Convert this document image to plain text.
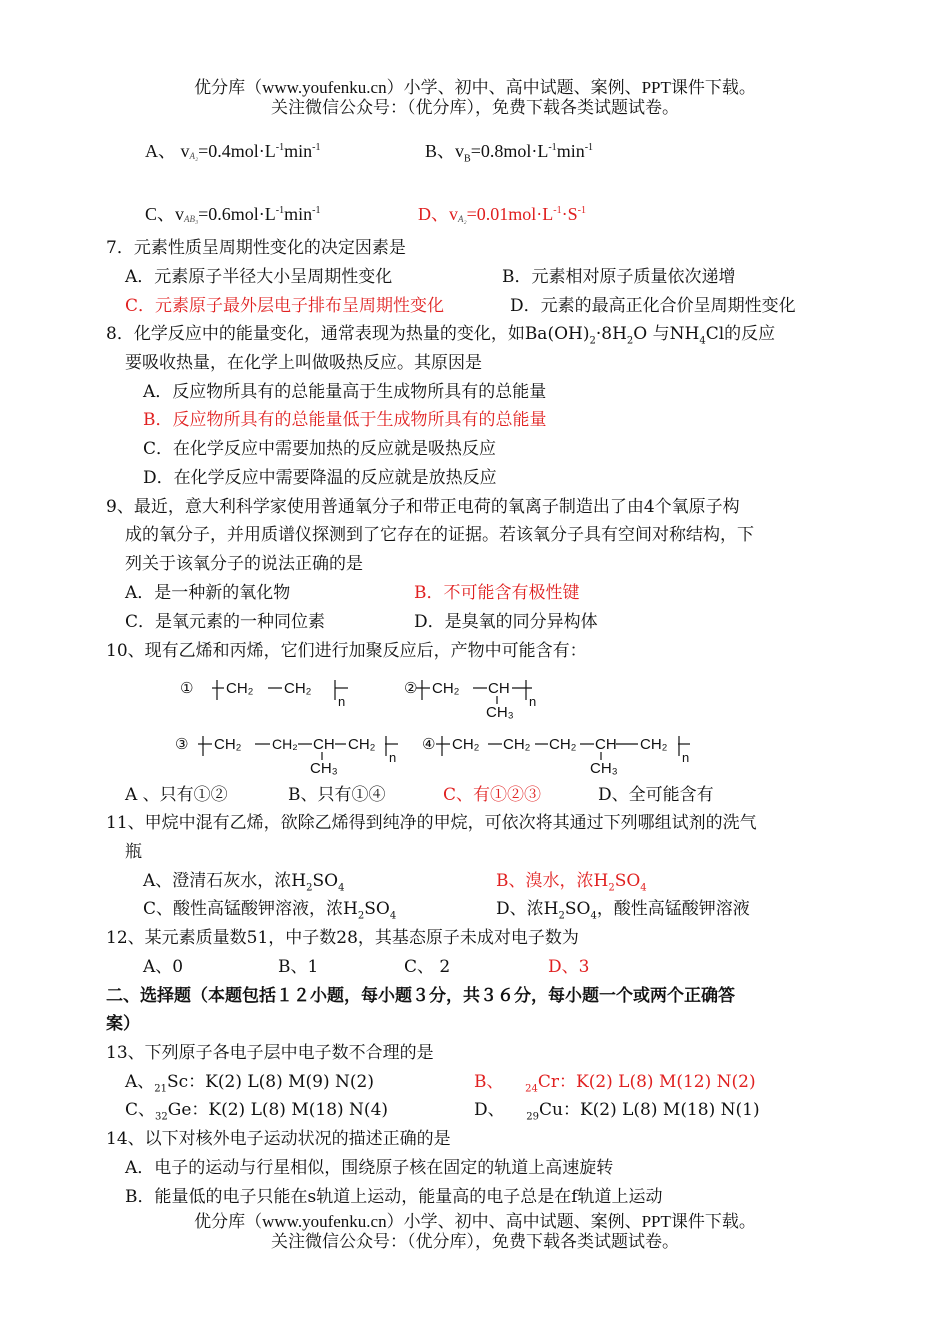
优分库（www.youfenku.cn）小学、初中、高中试题、案例、PPT课件下载。
关注微信公众号：（优分库），免费下载各类试题试卷。
A、 $vA_2=0.4mol\cdot L^{-1}\min^{-1}$	B、$v_B=0.8mol\cdot L^{-1}\min^{-1}$
C、$vAB_3=0.6mol\cdot L^{-1}\min^{-1}$	D、$vA_2=0.01mol\cdot L^{-1}\cdot S^{-1}$
7．元素性质呈周期性变化的决定因素是
A．元素原子半径大小呈周期性变化	B．元素相对原子质量依次递增
C．元素原子最外层电子排布呈周期性变化	D．元素的最高正化合价呈周期性变化
8．化学反应中的能量变化，通常表现为热量的变化，如$Ba(OH)_2\cdot 8H_2O$ 与$NH_4Cl$的反应
要吸收热量，在化学上叫做吸热反应。其原因是
A．反应物所具有的总能量高于生成物所具有的总能量
B．反应物所具有的总能量低于生成物所具有的总能量
C．在化学反应中需要加热的反应就是吸热反应
D．在化学反应中需要降温的反应就是放热反应
9、最近，意大利科学家使用普通氧分子和带正电荷的氧离子制造出了由4个氧原子构
成的氧分子，并用质谱仪探测到了它存在的证据。若该氧分子具有空间对称结构，下
列关于该氧分子的说法正确的是
A．是一种新的氧化物	B．不可能含有极性键
C．是氧元素的一种同位素	D．是臭氧的同分异构体
10、现有乙烯和丙烯，它们进行加聚反应后，产物中可能含有：
① CH₂ CH₂
n
② CH₂ CH
CH₃
n
③ CH₂ CH₂ CH
CH₃
CH₂
n
④ CH₂ CH₂ CH₂ CH
CH₃
CH₂
n
A 、只有①②	B、只有①④	C、有①②③	D、全可能含有
11、甲烷中混有乙烯，欲除乙烯得到纯净的甲烷，可依次将其通过下列哪组试剂的洗气
瓶
A、澄清石灰水，浓$H_2SO_4$	B、溴水，浓$H_2SO_4$
C、酸性高锰酸钾溶液，浓$H_2SO_4$	D、浓$H_2SO_4$，酸性高锰酸钾溶液
12、某元素质量数51，中子数28，其基态原子未成对电子数为
A、0	B、1	C、 2	D、3
二、选择题（本题包括１２小题，每小题３分，共３６分，每小题一个或两个正确答
案）
13、下列原子各电子层中电子数不合理的是
A、$_{21}$Sc：K(2) L(8) M(9) N(2)	B、 $_{24}$Cr：K(2) L(8) M(12) N(2)
C、$_{32}$Ge：K(2) L(8) M(18) N(4)	D、 $_{29}$Cu：K(2) L(8) M(18) N(1)
14、以下对核外电子运动状况的描述正确的是
A．电子的运动与行星相似，围绕原子核在固定的轨道上高速旋转
B．能量低的电子只能在s轨道上运动，能量高的电子总是在f轨道上运动
优分库（www.youfenku.cn）小学、初中、高中试题、案例、PPT课件下载。
关注微信公众号：（优分库），免费下载各类试题试卷。
